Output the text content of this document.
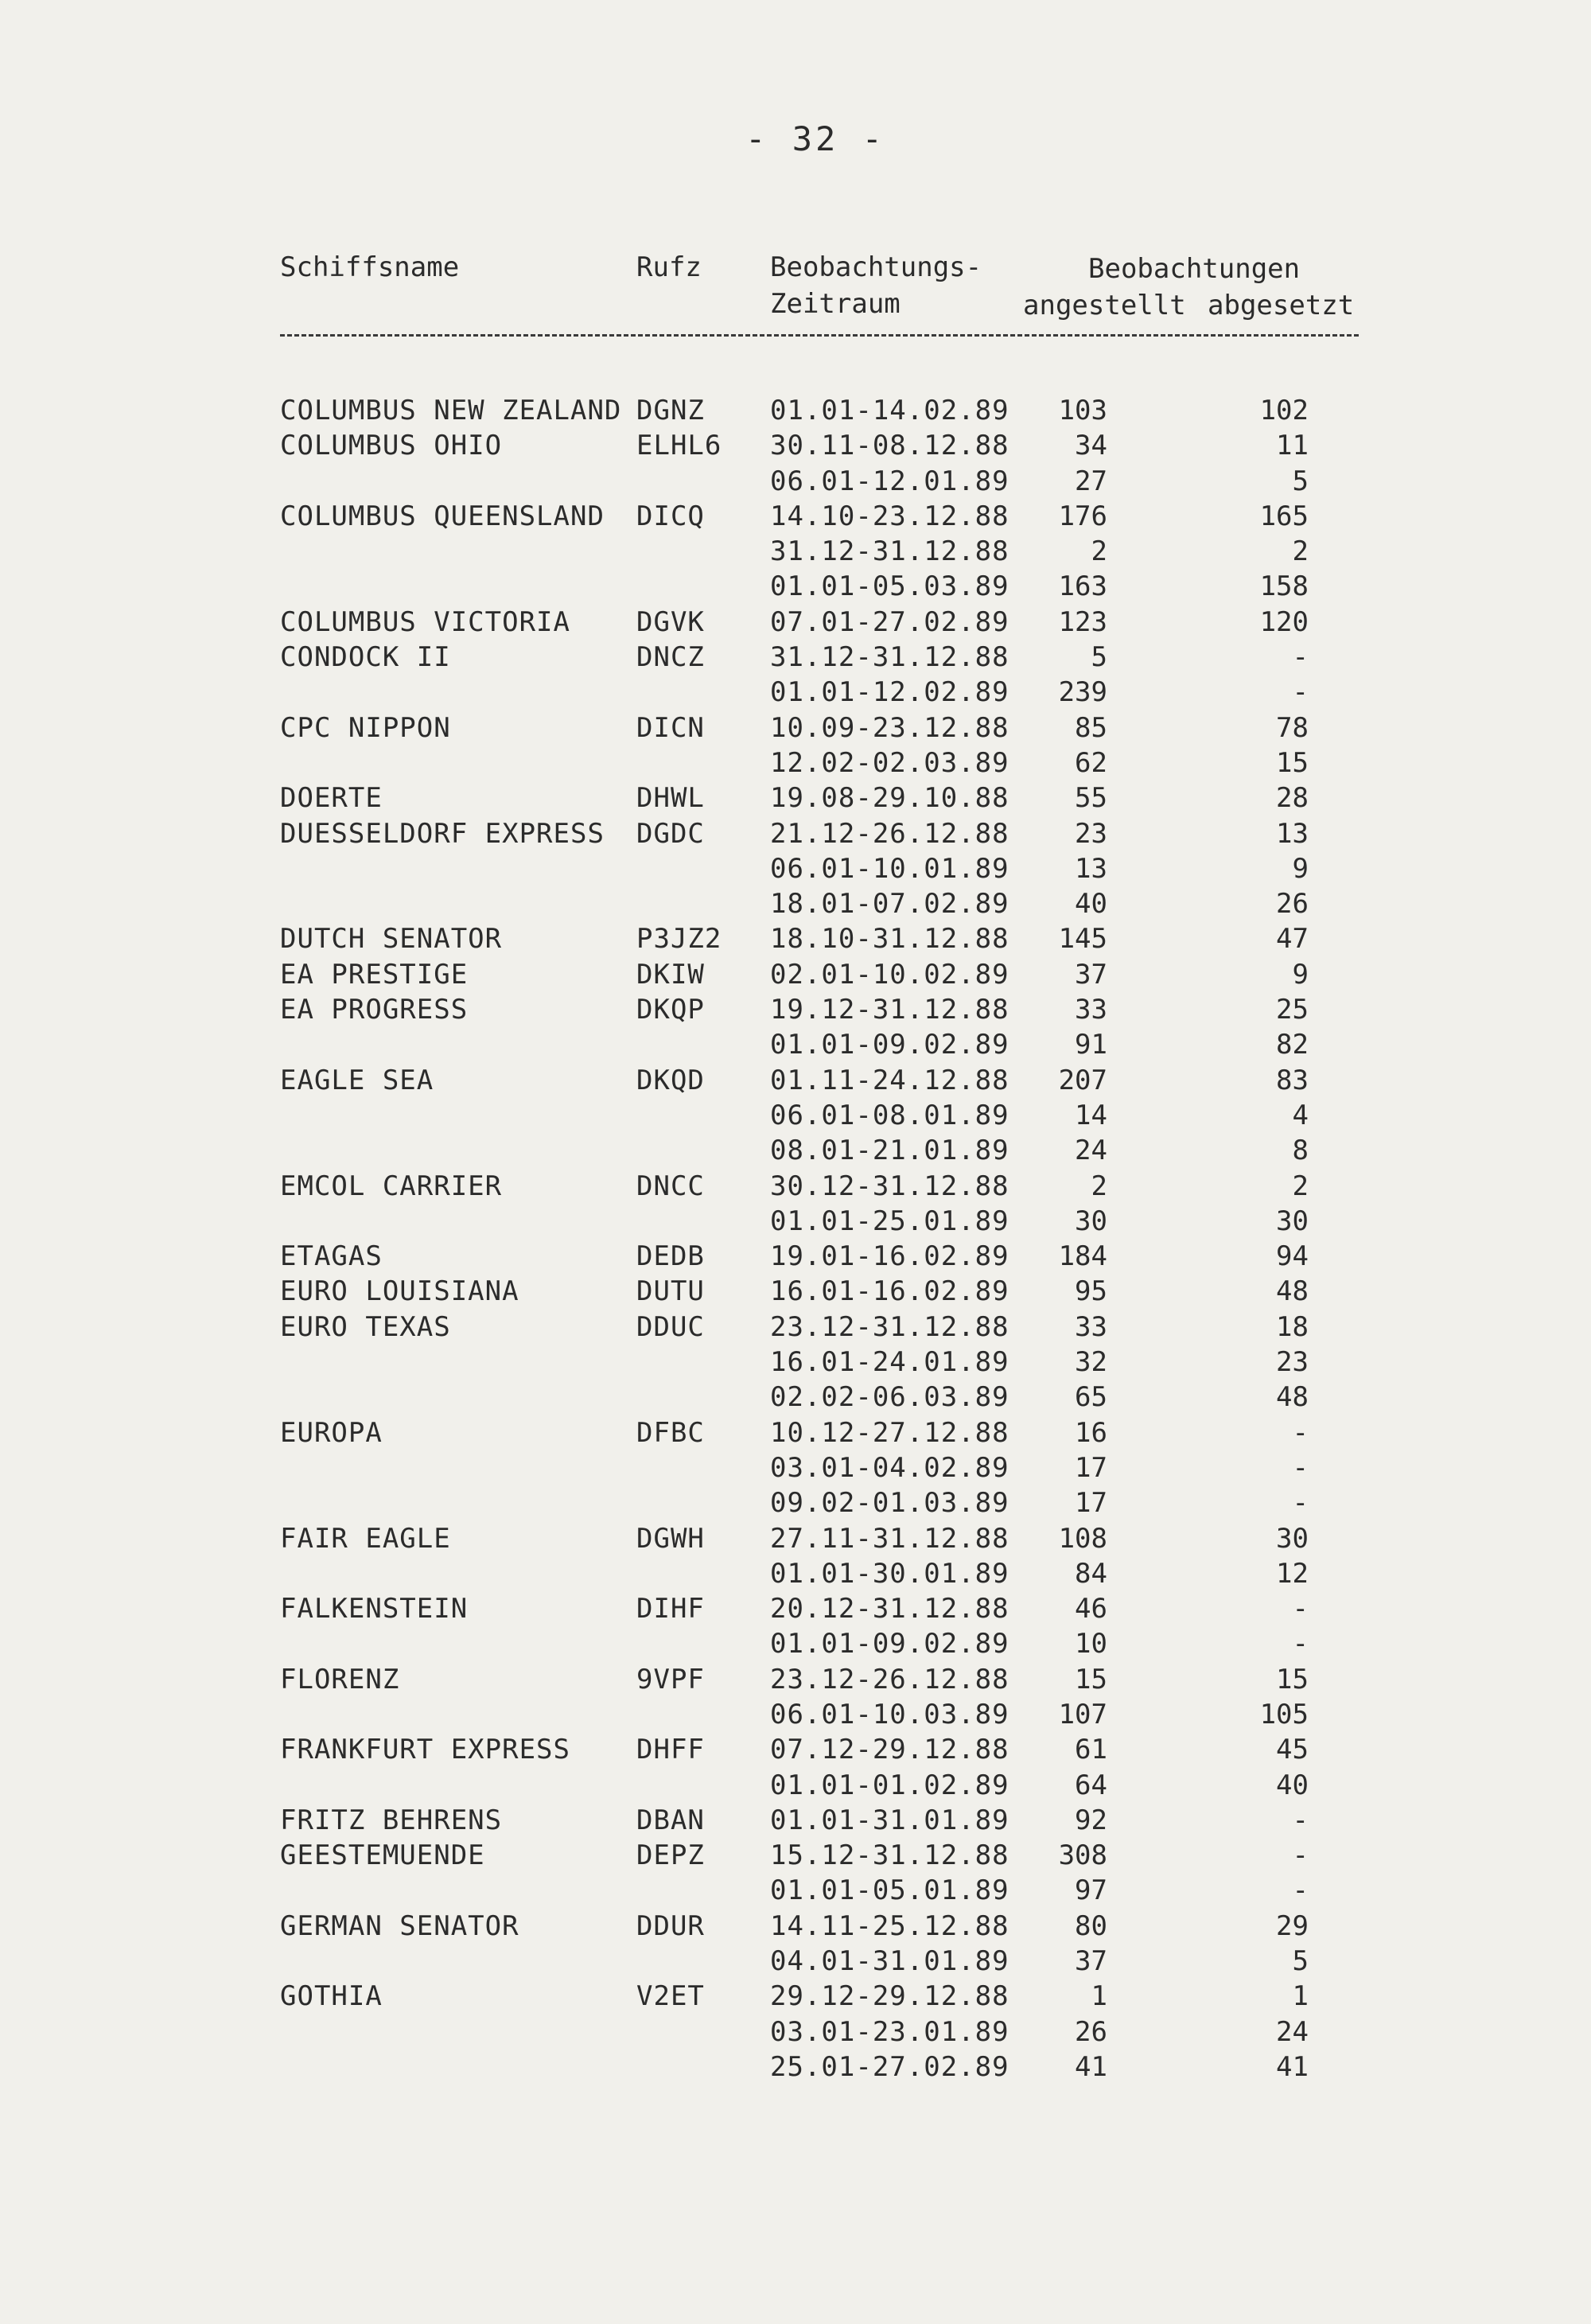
- 32 -
Schiffsname	Rufz	Beobachtungs-
Zeitraum
Beobachtungen
angestellt abgesetzt
COLUMBUS NEW ZEALAND DGNZ 01.01-14.02.89 103	102
COLUMBUS OHIO	ELHL6 30.11-08.12.88 34	11
06.01-12.01.89 27	5
COLUMBUS QUEENSLAND DICQ 14.10-23.12.88 176	165
31.12-31.12.88	2	2
01.01-05.03.89 163	158
COLUMBUS VICTORIA DGVK 07.01-27.02.89 123	120
CONDOCK II	DNCZ 31.12-31.12.88	5	-
01.01-12.02.89 239	-
CPC NIPPON	DICN 10.09-23.12.88 85	78
12.02-02.03.89 62	15
DOERTE	DHWL 19.08-29.10.88 55	28
DUESSELDORF EXPRESS DGDC 21.12-26.12.88 23	13
06.01-10.01.89 13	9
18.01-07.02.89 40	26
DUTCH SENATOR	P3JZ2 18.10-31.12.88 145	47
EA PRESTIGE	DKIW 02.01-10.02.89 37	9
EA PROGRESS	DKQP 19.12-31.12.88 33	25
01.01-09.02.89 91	82
EAGLE SEA	DKQD 01.11-24.12.88 207	83
06.01-08.01.89 14	4
08.01-21.01.89 24	8
EMCOL CARRIER	DNCC 30.12-31.12.88	2	2
01.01-25.01.89 30	30
ETAGAS	DEDB 19.01-16.02.89 184	94
EURO LOUISIANA	DUTU 16.01-16.02.89 95	48
EURO TEXAS	DDUC 23.12-31.12.88 33	18
16.01-24.01.89 32	23
02.02-06.03.89 65	48
EUROPA	DFBC 10.12-27.12.88 16	-
03.01-04.02.89 17	-
09.02-01.03.89 17	-
FAIR EAGLE	DGWH 27.11-31.12.88 108	30
01.01-30.01.89 84	12
FALKENSTEIN	DIHF 20.12-31.12.88 46	-
01.01-09.02.89 10	-
FLORENZ	9VPF 23.12-26.12.88 15	15
06.01-10.03.89 107	105
FRANKFURT EXPRESS DHFF 07.12-29.12.88 61	45
01.01-01.02.89 64	40
FRITZ BEHRENS	DBAN 01.01-31.01.89 92	-
GEESTEMUENDE	DEPZ 15.12-31.12.88 308	-
01.01-05.01.89 97	-
GERMAN SENATOR	DDUR 14.11-25.12.88 80	29
04.01-31.01.89 37	5
GOTHIA	V2ET 29.12-29.12.88	1	1
03.01-23.01.89 26	24
25.01-27.02.89 41	41
